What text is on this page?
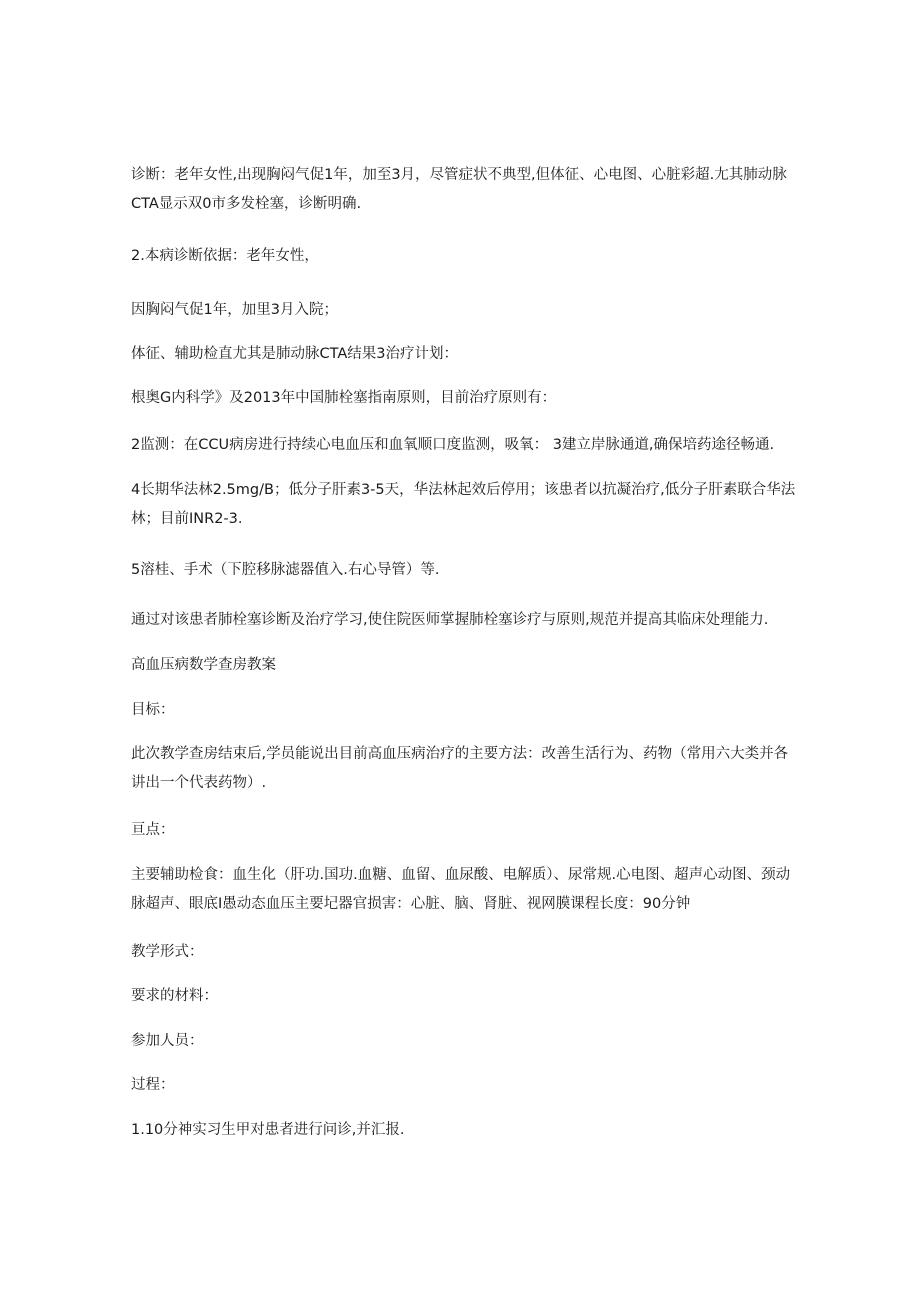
诊断：老年女性,出现胸闷气促1年，加至3月，尽管症状不典型,但体征、心电图、心脏彩超.尢其肺动脉CTA显示双0市多发栓塞，诊断明确.

2.本病诊断依据：老年女性，

因胸闷气促1年，加里3月入院；

体征、辅助检直尤其是肺动脉CTA结果3治疗计划：

根奥G内科学》及2013年中国肺栓塞指南原则，目前治疗原则有：

2监测：在CCU病房进行持续心电血压和血氧顺口度监测，吸氧： 3建立岸脉通道,确保培药途径畅通.

4长期华法林2.5mg∕B；低分子肝素3-5天，华法林起效后停用；该患者以抗凝治疗,低分子肝素联合华法林；目前INR2-3.

5溶桂、手术（下腔移脉滤器值入.右心导管）等.

通过对该患者肺栓塞诊断及治疗学习,使住院医师掌握肺栓塞诊疗与原则,规范并提高其临床处理能力.

高血压病数学查房教案

目标：

此次教学查房结束后,学员能说出目前高血压病治疗的主要方法：改善生活行为、药物（常用六大类并各讲出一个代表药物）.

亘点：

主要辅助检食：血生化（肝功.国功.血糖、血留、血尿酸、电解质）、尿常规.心电图、超声心动图、颈动脉超声、眼底I愚动态血压主要圮器官损害：心脏、脑、肾脏、视网膜课程长度：90分钟

教学形式：

要求的材料：

参加人员：

过程：

1.10分神实习生甲对患者进行问诊,并汇报.
